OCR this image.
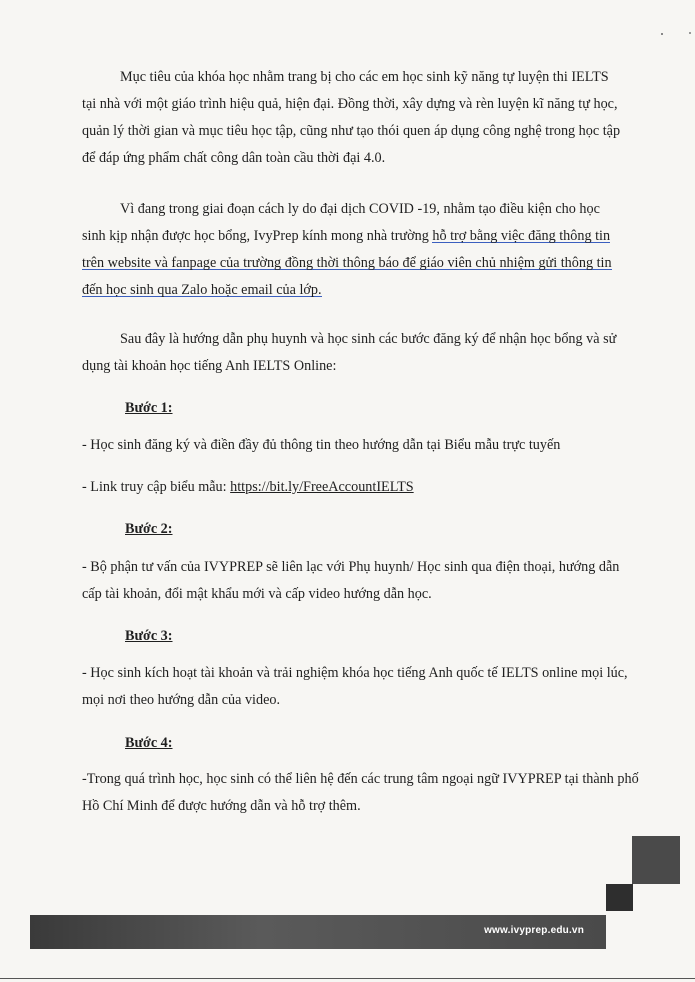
Mục tiêu của khóa học nhằm trang bị cho các em học sinh kỹ năng tự luyện thi IELTS tại nhà với một giáo trình hiệu quả, hiện đại. Đồng thời, xây dựng và rèn luyện kĩ năng tự học, quản lý thời gian và mục tiêu học tập, cũng như tạo thói quen áp dụng công nghệ trong học tập để đáp ứng phẩm chất công dân toàn cầu thời đại 4.0.

Vì đang trong giai đoạn cách ly do đại dịch COVID -19, nhằm tạo điều kiện cho học sinh kịp nhận được học bổng, IvyPrep kính mong nhà trường hỗ trợ bằng việc đăng thông tin trên website và fanpage của trường đồng thời thông báo để giáo viên chủ nhiệm gửi thông tin đến học sinh qua Zalo hoặc email của lớp.

Sau đây là hướng dẫn phụ huynh và học sinh các bước đăng ký để nhận học bổng và sử dụng tài khoản học tiếng Anh IELTS Online:

Bước 1:

- Học sinh đăng ký và điền đầy đủ thông tin theo hướng dẫn tại Biểu mẫu trực tuyến

- Link truy cập biểu mẫu: https://bit.ly/FreeAccountIELTS

Bước 2:

- Bộ phận tư vấn của IVYPREP sẽ liên lạc với Phụ huynh/ Học sinh qua điện thoại, hướng dẫn cấp tài khoản, đổi mật khẩu mới và cấp video hướng dẫn học.

Bước 3:

- Học sinh kích hoạt tài khoản và trải nghiệm khóa học tiếng Anh quốc tế IELTS online mọi lúc, mọi nơi theo hướng dẫn của video.

Bước 4:

-Trong quá trình học, học sinh có thể liên hệ đến các trung tâm ngoại ngữ IVYPREP tại thành phố Hồ Chí Minh để được hướng dẫn và hỗ trợ thêm.

www.ivyprep.edu.vn
